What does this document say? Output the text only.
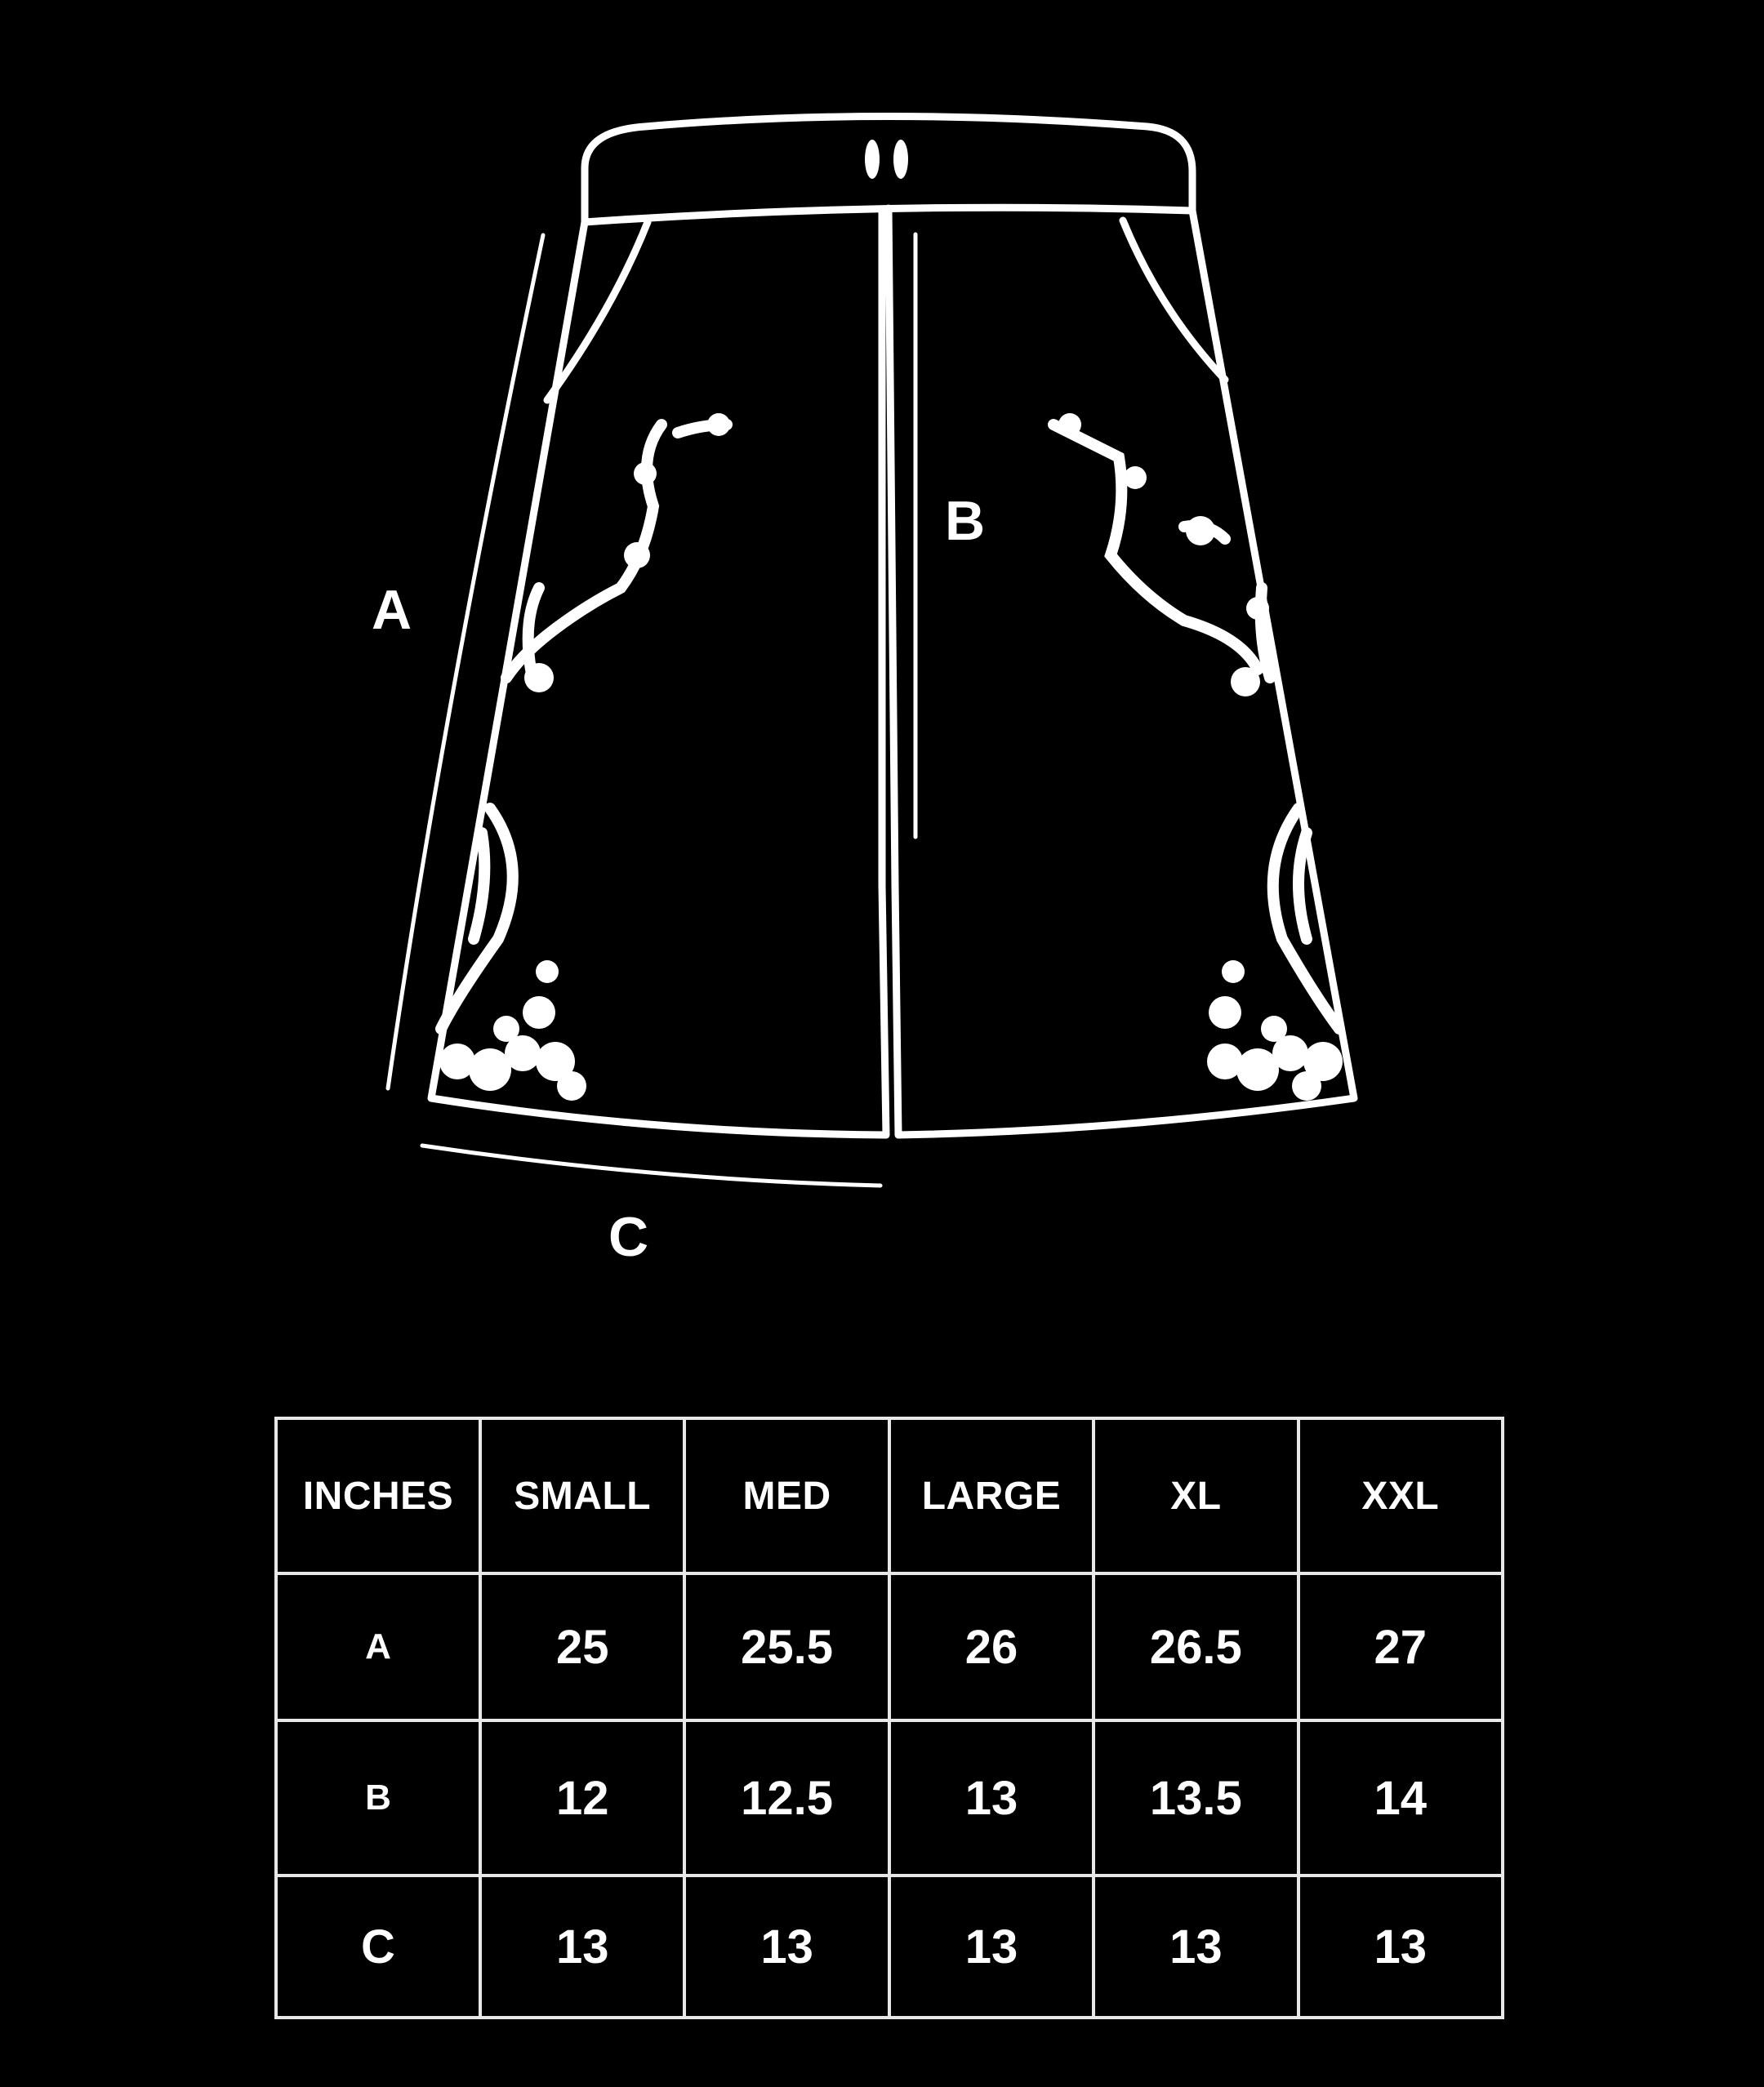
A
B
C
INCHES	SMALL	MED	LARGE	XL	XXL
A	25	25.5	26	26.5	27
B	12	12.5	13	13.5	14
C	13	13	13	13	13
